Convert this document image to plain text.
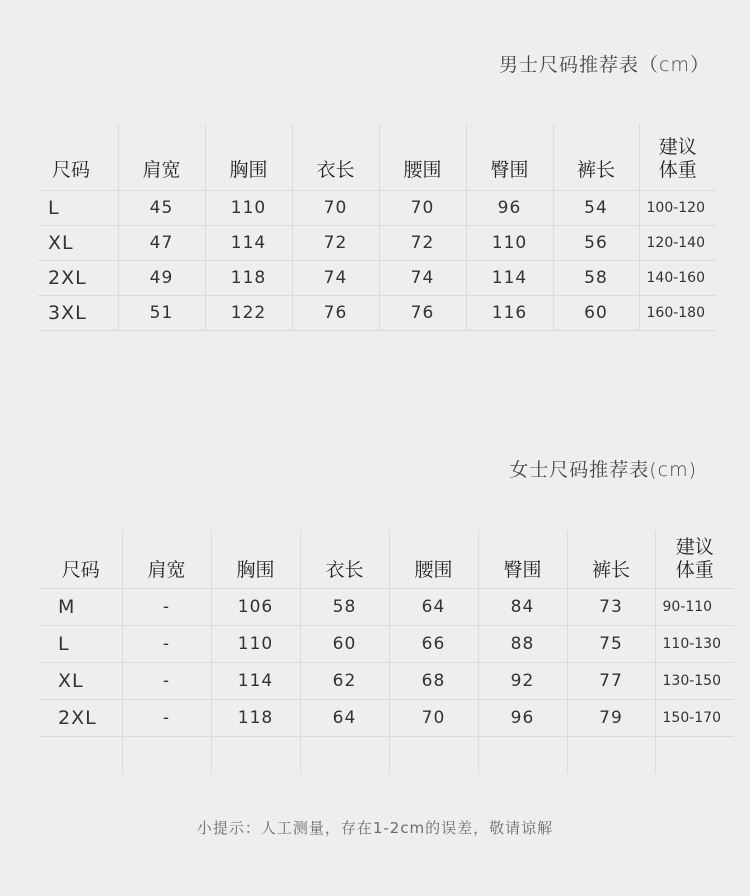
男士尺码推荐表（cm）
尺码	肩宽	胸围	衣长	腰围	臀围	裤长	建议
体重
L	45	110	70	70	96	54	100-120
XL	47	114	72	72	110	56	120-140
2XL	49	118	74	74	114	58	140-160
3XL	51	122	76	76	116	60	160-180
女士尺码推荐表(cm)
尺码	肩宽	胸围	衣长	腰围	臀围	裤长	建议
体重
M	-	106	58	64	84	73	90-110
L	-	110	60	66	88	75	110-130
XL	-	114	62	68	92	77	130-150
2XL	-	118	64	70	96	79	150-170

小提示：人工测量，存在1-2cm的误差，敬请谅解
